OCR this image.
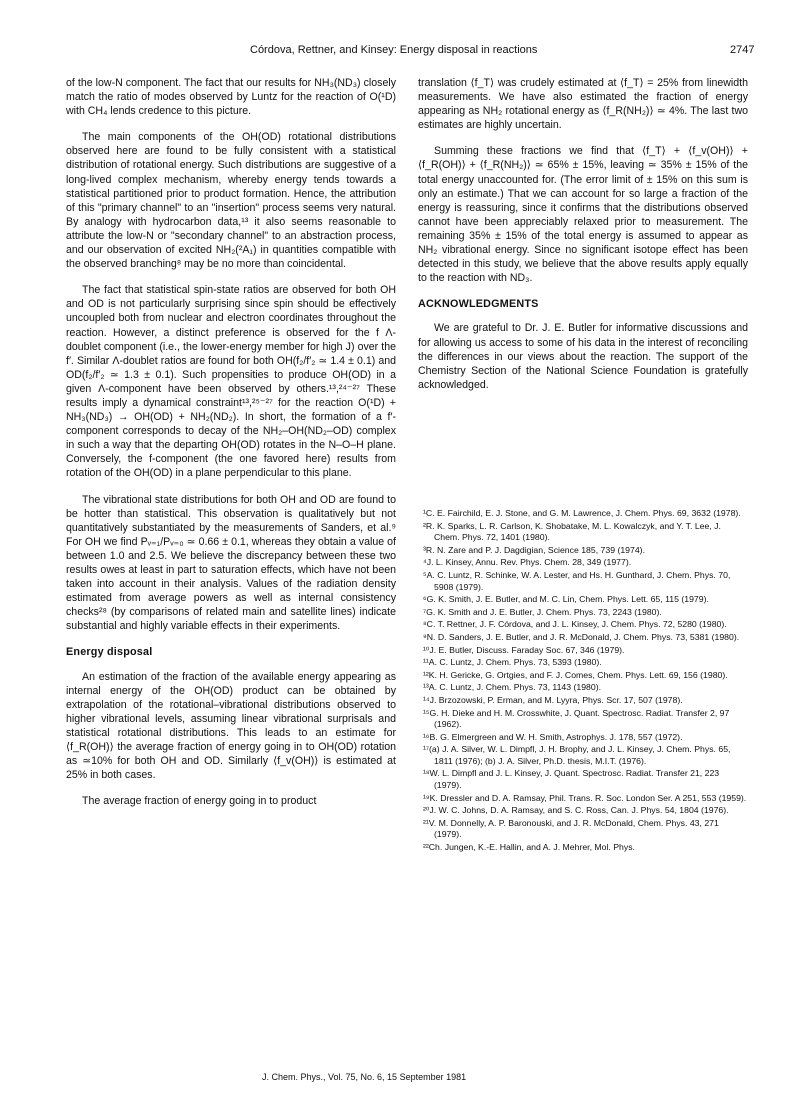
Córdova, Rettner, and Kinsey: Energy disposal in reactions	2747

of the low-N component. The fact that our results for NH₃(ND₃) closely match the ratio of modes observed by Luntz for the reaction of O(¹D) with CH₄ lends credence to this picture.

The main components of the OH(OD) rotational distributions observed here are found to be fully consistent with a statistical distribution of rotational energy. Such distributions are suggestive of a long-lived complex mechanism, whereby energy tends towards a statistical partitioned prior to product formation. Hence, the attribution of this "primary channel" to an "insertion" process seems very natural. By analogy with hydrocarbon data,¹³ it also seems reasonable to attribute the low-N or "secondary channel" to an abstraction process, and our observation of excited NH₂(²A₁) in quantities compatible with the observed branching⁸ may be no more than coincidental.

The fact that statistical spin-state ratios are observed for both OH and OD is not particularly surprising since spin should be effectively uncoupled both from nuclear and electron coordinates throughout the reaction. However, a distinct preference is observed for the f Λ-doublet component (i.e., the lower-energy member for high J) over the f′. Similar Λ-doublet ratios are found for both OH(f₂/f′₂ ≃ 1.4 ± 0.1) and OD(f₂/f′₂ ≃ 1.3 ± 0.1). Such propensities to produce OH(OD) in a given Λ-component have been observed by others.¹³,²⁴⁻²⁷ These results imply a dynamical constraint¹³,²⁵⁻²⁷ for the reaction O(¹D) + NH₃(ND₃) → OH(OD) + NH₂(ND₂). In short, the formation of a f′-component corresponds to decay of the NH₂–OH(ND₂–OD) complex in such a way that the departing OH(OD) rotates in the N–O–H plane. Conversely, the f-component (the one favored here) results from rotation of the OH(OD) in a plane perpendicular to this plane.

The vibrational state distributions for both OH and OD are found to be hotter than statistical. This observation is qualitatively but not quantitatively substantiated by the measurements of Sanders, et al.⁹ For OH we find Pᵥ₌₁/Pᵥ₌₀ ≃ 0.66 ± 0.1, whereas they obtain a value of between 1.0 and 2.5. We believe the discrepancy between these two results owes at least in part to saturation effects, which have not been taken into account in their analysis. Values of the radiation density estimated from average powers as well as internal consistency checks²⁸ (by comparisons of related main and satellite lines) indicate substantial and highly variable effects in their experiments.

Energy disposal

An estimation of the fraction of the available energy appearing as internal energy of the OH(OD) product can be obtained by extrapolation of the rotational–vibrational distributions observed to higher vibrational levels, assuming linear vibrational surprisals and statistical rotational distributions. This leads to an estimate for ⟨f_R(OH)⟩ the average fraction of energy going in to OH(OD) rotation as ≃10% for both OH and OD. Similarly ⟨f_v(OH)⟩ is estimated at 25% in both cases.

The average fraction of energy going in to product

translation ⟨f_T⟩ was crudely estimated at ⟨f_T⟩ = 25% from linewidth measurements. We have also estimated the fraction of energy appearing as NH₂ rotational energy as ⟨f_R(NH₂)⟩ ≃ 4%. The last two estimates are highly uncertain.

Summing these fractions we find that ⟨f_T⟩ + ⟨f_v(OH)⟩ + ⟨f_R(OH)⟩ + ⟨f_R(NH₂)⟩ ≃ 65% ± 15%, leaving ≃ 35% ± 15% of the total energy unaccounted for. (The error limit of ± 15% on this sum is only an estimate.) That we can account for so large a fraction of the energy is reassuring, since it confirms that the distributions observed cannot have been appreciably relaxed prior to measurement. The remaining 35% ± 15% of the total energy is assumed to appear as NH₂ vibrational energy. Since no significant isotope effect has been detected in this study, we believe that the above results apply equally to the reaction with ND₃.

ACKNOWLEDGMENTS

We are grateful to Dr. J. E. Butler for informative discussions and for allowing us access to some of his data in the interest of reconciling the differences in our views about the reaction. The support of the Chemistry Section of the National Science Foundation is gratefully acknowledged.

¹C. E. Fairchild, E. J. Stone, and G. M. Lawrence, J. Chem. Phys. 69, 3632 (1978).

²R. K. Sparks, L. R. Carlson, K. Shobatake, M. L. Kowalczyk, and Y. T. Lee, J. Chem. Phys. 72, 1401 (1980).

³R. N. Zare and P. J. Dagdigian, Science 185, 739 (1974).

⁴J. L. Kinsey, Annu. Rev. Phys. Chem. 28, 349 (1977).

⁵A. C. Luntz, R. Schinke, W. A. Lester, and Hs. H. Gunthard, J. Chem. Phys. 70, 5908 (1979).

⁶G. K. Smith, J. E. Butler, and M. C. Lin, Chem. Phys. Lett. 65, 115 (1979).

⁷G. K. Smith and J. E. Butler, J. Chem. Phys. 73, 2243 (1980).

⁸C. T. Rettner, J. F. Córdova, and J. L. Kinsey, J. Chem. Phys. 72, 5280 (1980).

⁹N. D. Sanders, J. E. Butler, and J. R. McDonald, J. Chem. Phys. 73, 5381 (1980).

¹⁰J. E. Butler, Discuss. Faraday Soc. 67, 346 (1979).

¹¹A. C. Luntz, J. Chem. Phys. 73, 5393 (1980).

¹²K. H. Gericke, G. Ortgies, and F. J. Comes, Chem. Phys. Lett. 69, 156 (1980).

¹³A. C. Luntz, J. Chem. Phys. 73, 1143 (1980).

¹⁴J. Brzozowski, P. Erman, and M. Lyyra, Phys. Scr. 17, 507 (1978).

¹⁵G. H. Dieke and H. M. Crosswhite, J. Quant. Spectrosc. Radiat. Transfer 2, 97 (1962).

¹⁶B. G. Elmergreen and W. H. Smith, Astrophys. J. 178, 557 (1972).

¹⁷(a) J. A. Silver, W. L. Dimpfl, J. H. Brophy, and J. L. Kinsey, J. Chem. Phys. 65, 1811 (1976); (b) J. A. Silver, Ph.D. thesis, M.I.T. (1976).

¹⁸W. L. Dimpfl and J. L. Kinsey, J. Quant. Spectrosc. Radiat. Transfer 21, 223 (1979).

¹⁹K. Dressler and D. A. Ramsay, Phil. Trans. R. Soc. London Ser. A 251, 553 (1959).

²⁰J. W. C. Johns, D. A. Ramsay, and S. C. Ross, Can. J. Phys. 54, 1804 (1976).

²¹V. M. Donnelly, A. P. Baronouski, and J. R. McDonald, Chem. Phys. 43, 271 (1979).

²²Ch. Jungen, K.-E. Hallin, and A. J. Mehrer, Mol. Phys.

J. Chem. Phys., Vol. 75, No. 6, 15 September 1981
